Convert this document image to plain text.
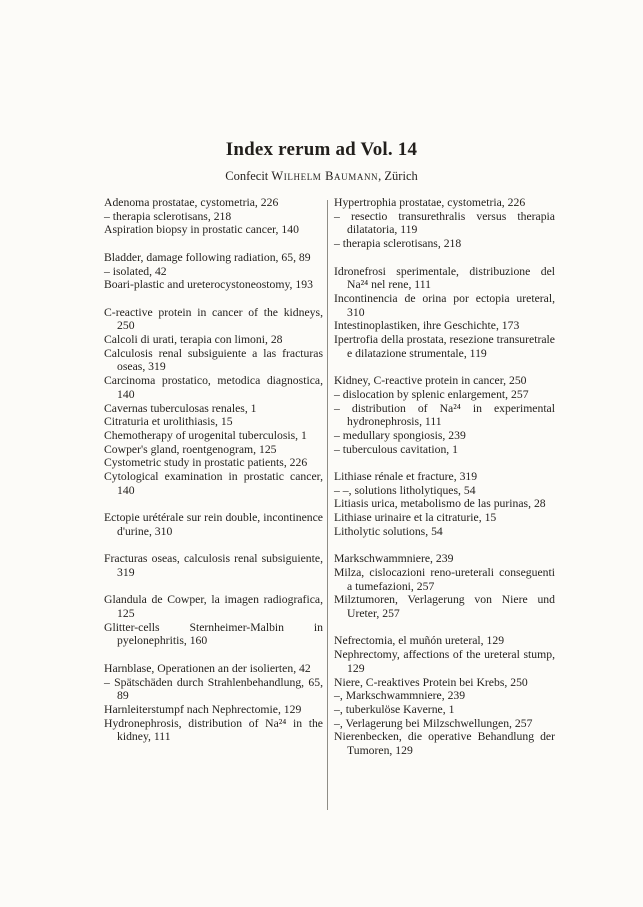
Index rerum ad Vol. 14

Confecit Wilhelm Baumann, Zürich

Adenoma prostatae, cystometria, 226

– therapia sclerotisans, 218

Aspiration biopsy in prostatic cancer, 140

Bladder, damage following radiation, 65, 89

– isolated, 42

Boari-plastic and ureterocystoneostomy, 193

C-reactive protein in cancer of the kidneys, 250

Calcoli di urati, terapia con limoni, 28

Calculosis renal subsiguiente a las fracturas oseas, 319

Carcinoma prostatico, metodica diagnostica, 140

Cavernas tuberculosas renales, 1

Citraturia et urolithiasis, 15

Chemotherapy of urogenital tuberculosis, 1

Cowper's gland, roentgenogram, 125

Cystometric study in prostatic patients, 226

Cytological examination in prostatic cancer, 140

Ectopie urétérale sur rein double, incontinence d'urine, 310

Fracturas oseas, calculosis renal subsiguiente, 319

Glandula de Cowper, la imagen radiografica, 125

Glitter-cells Sternheimer-Malbin in pyelonephritis, 160

Harnblase, Operationen an der isolierten, 42

– Spätschäden durch Strahlenbehandlung, 65, 89

Harnleiterstumpf nach Nephrectomie, 129

Hydronephrosis, distribution of Na²⁴ in the kidney, 111

Hypertrophia prostatae, cystometria, 226

– resectio transurethralis versus therapia dilatatoria, 119

– therapia sclerotisans, 218

Idronefrosi sperimentale, distribuzione del Na²⁴ nel rene, 111

Incontinencia de orina por ectopia ureteral, 310

Intestinoplastiken, ihre Geschichte, 173

Ipertrofia della prostata, resezione transuretrale e dilatazione strumentale, 119

Kidney, C-reactive protein in cancer, 250

– dislocation by splenic enlargement, 257

– distribution of Na²⁴ in experimental hydronephrosis, 111

– medullary spongiosis, 239

– tuberculous cavitation, 1

Lithiase rénale et fracture, 319

– –, solutions litholytiques, 54

Litiasis urica, metabolismo de las purinas, 28

Lithiase urinaire et la citraturie, 15

Litholytic solutions, 54

Markschwammniere, 239

Milza, cislocazioni reno-ureterali conseguenti a tumefazioni, 257

Milztumoren, Verlagerung von Niere und Ureter, 257

Nefrectomia, el muñón ureteral, 129

Nephrectomy, affections of the ureteral stump, 129

Niere, C-reaktives Protein bei Krebs, 250

–, Markschwammniere, 239

–, tuberkulöse Kaverne, 1

–, Verlagerung bei Milzschwellungen, 257

Nierenbecken, die operative Behandlung der Tumoren, 129
